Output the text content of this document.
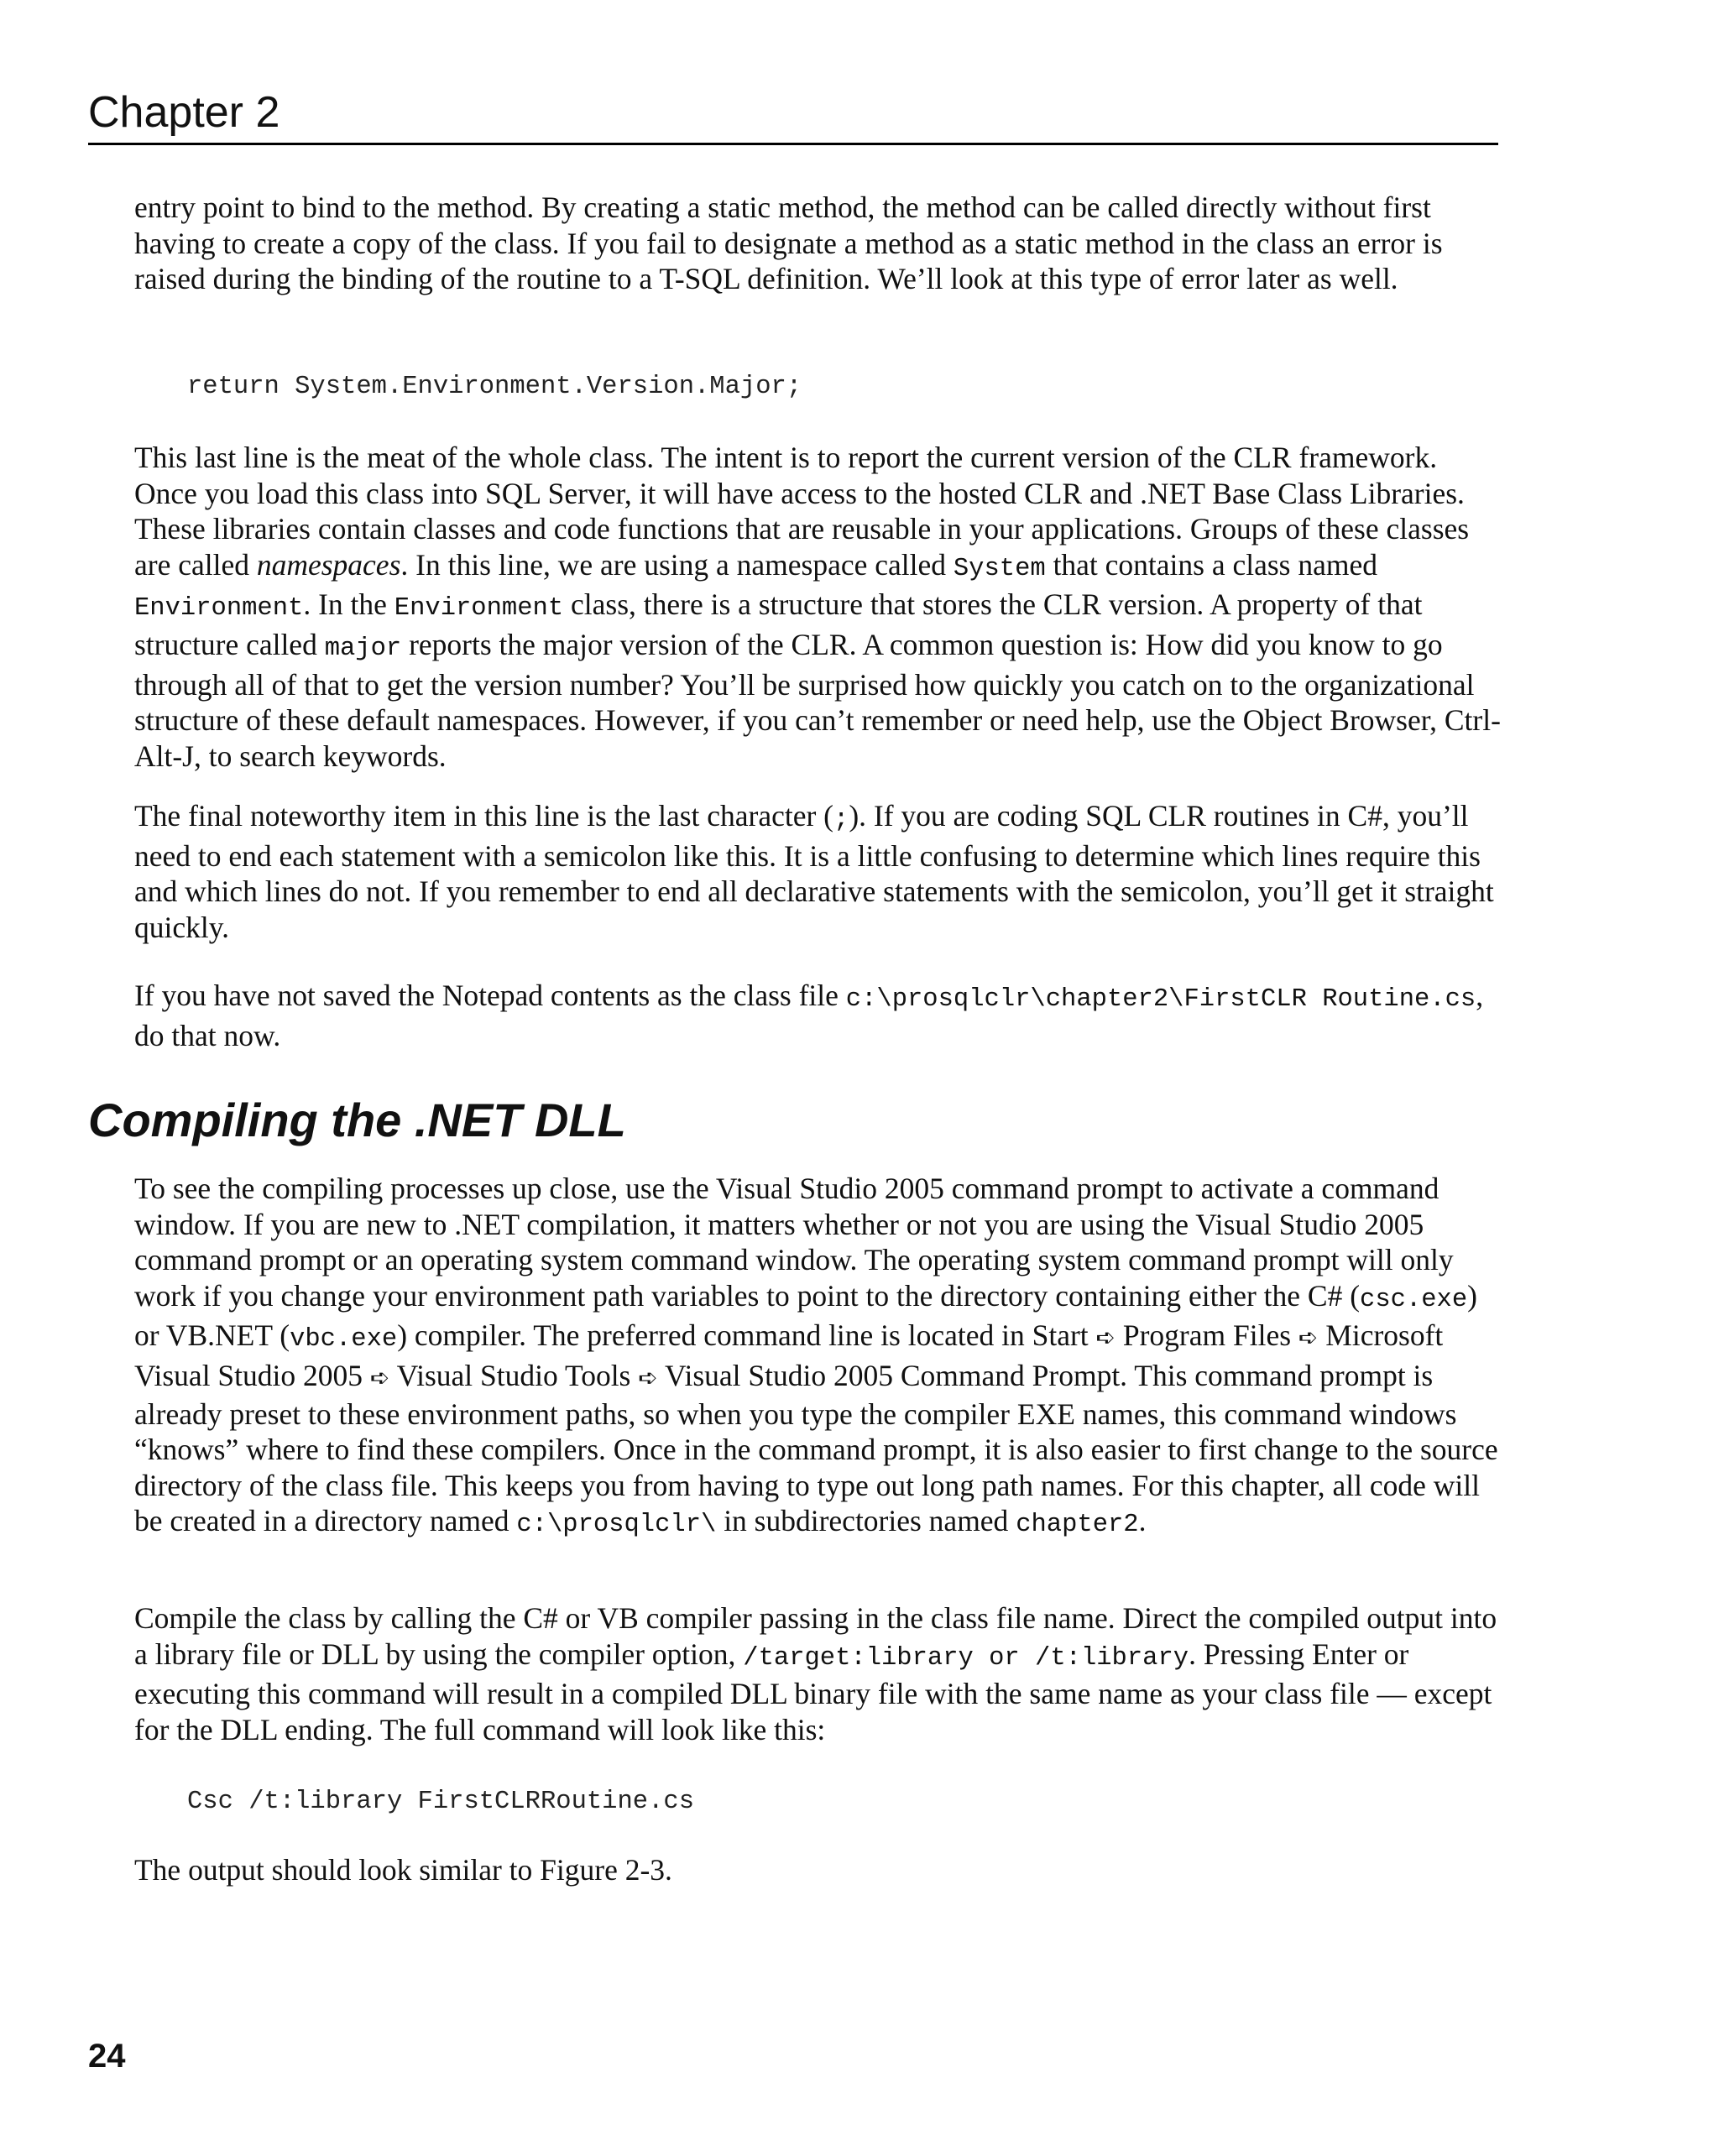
Chapter 2

entry point to bind to the method. By creating a static method, the method can be called directly without first having to create a copy of the class. If you fail to designate a method as a static method in the class an error is raised during the binding of the routine to a T-SQL definition. We’ll look at this type of error later as well.

return System.Environment.Version.Major;

This last line is the meat of the whole class. The intent is to report the current version of the CLR framework. Once you load this class into SQL Server, it will have access to the hosted CLR and .NET Base Class Libraries. These libraries contain classes and code functions that are reusable in your applications. Groups of these classes are called namespaces. In this line, we are using a namespace called System that contains a class named Environment. In the Environment class, there is a structure that stores the CLR version. A property of that structure called major reports the major version of the CLR. A common question is: How did you know to go through all of that to get the version number? You’ll be surprised how quickly you catch on to the organizational structure of these default namespaces. However, if you can’t remember or need help, use the Object Browser, Ctrl-Alt-J, to search keywords.

The final noteworthy item in this line is the last character (;). If you are coding SQL CLR routines in C#, you’ll need to end each statement with a semicolon like this. It is a little confusing to determine which lines require this and which lines do not. If you remember to end all declarative statements with the semicolon, you’ll get it straight quickly.

If you have not saved the Notepad contents as the class file c:\prosqlclr\chapter2\FirstCLR Routine.cs, do that now.

Compiling the .NET DLL

To see the compiling processes up close, use the Visual Studio 2005 command prompt to activate a command window. If you are new to .NET compilation, it matters whether or not you are using the Visual Studio 2005 command prompt or an operating system command window. The operating system command prompt will only work if you change your environment path variables to point to the directory containing either the C# (csc.exe) or VB.NET (vbc.exe) compiler. The preferred command line is located in Start ➪ Program Files ➪ Microsoft Visual Studio 2005 ➪ Visual Studio Tools ➪ Visual Studio 2005 Command Prompt. This command prompt is already preset to these environment paths, so when you type the compiler EXE names, this command windows “knows” where to find these compilers. Once in the command prompt, it is also easier to first change to the source directory of the class file. This keeps you from having to type out long path names. For this chapter, all code will be created in a directory named c:\prosqlclr\ in subdirectories named chapter2.

Compile the class by calling the C# or VB compiler passing in the class file name. Direct the compiled output into a library file or DLL by using the compiler option, /target:library or /t:library. Pressing Enter or executing this command will result in a compiled DLL binary file with the same name as your class file — except for the DLL ending. The full command will look like this:

Csc /t:library FirstCLRRoutine.cs

The output should look similar to Figure 2-3.

24
